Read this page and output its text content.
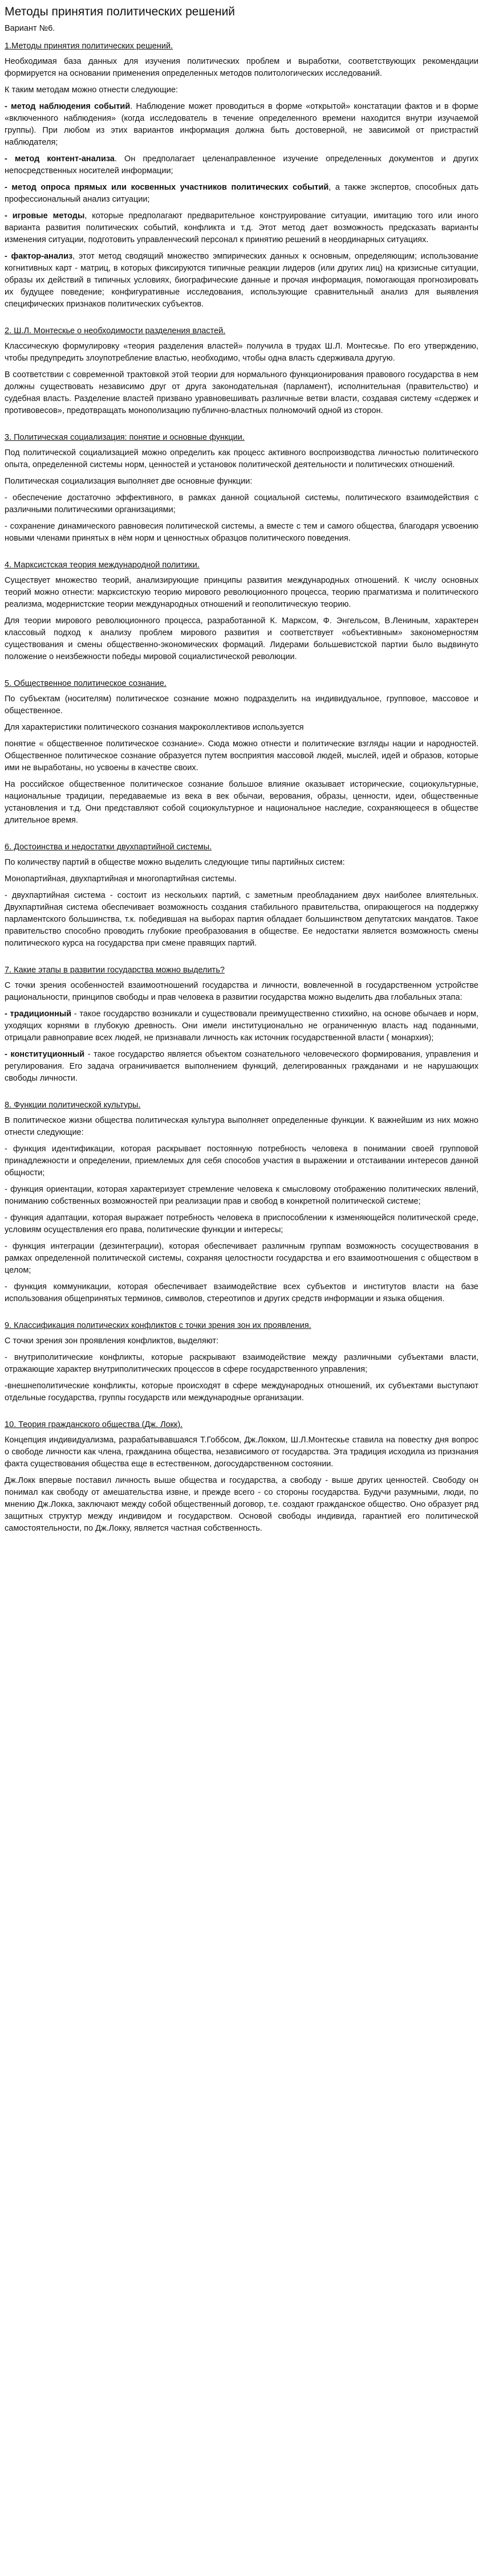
Методы принятия политических решений
Вариант №6.
1.Методы принятия политических решений.

Необходимая база данных для изучения политических проблем и выработки, соответствующих рекомендации формируется на основании применения определенных методов политологических исследований.

К таким методам можно отнести следующие:

- метод наблюдения событий. Наблюдение может проводиться в форме «открытой» констатации фактов и в форме «включенного наблюдения» (когда исследователь в течение определенного времени находится внутри изучаемой группы). При любом из этих вариантов информация должна быть достоверной, не зависимой от пристрастий наблюдателя;

- метод контент-анализа. Он предполагает целенаправленное изучение определенных документов и других непосредственных носителей информации;

- метод опроса прямых или косвенных участников политических событий, а также экспертов, способных дать профессиональный анализ ситуации;

- игровые методы, которые предполагают предварительное конструирование ситуации, имитацию того или иного варианта развития политических событий, конфликта и т.д. Этот метод дает возможность предсказать варианты изменения ситуации, подготовить управленческий персонал к принятию решений в неординарных ситуациях.

- фактор-анализ, этот метод сводящий множество эмпирических данных к основным, определяющим; использование когнитивных карт - матриц, в которых фиксируются типичные реакции лидеров (или других лиц) на кризисные ситуации, образы их действий в типичных условиях, биографические данные и прочая информация, помогающая прогнозировать их будущее поведение; конфигуративные исследования, использующие сравнительный анализ для выявления специфических признаков политических субъектов.

2. Ш.Л. Монтескье о необходимости разделения властей.

Классическую формулировку «теория разделения властей» получила в трудах Ш.Л. Монтескье. По его утверждению, чтобы предупредить злоупотребление властью, необходимо, чтобы одна власть сдерживала другую.

В соответствии с современной трактовкой этой теории для нормального функционирования правового государства в нем должны существовать независимо друг от друга законодательная (парламент), исполнительная (правительство) и судебная власть. Разделение властей призвано уравновешивать различные ветви власти, создавая систему «сдержек и противовесов», предотвращать монополизацию публично-властных полномочий одной из сторон.

3. Политическая социализация: понятие и основные функции.

Под политической социализацией можно определить как процесс активного воспроизводства личностью политического опыта, определенной системы норм, ценностей и установок политической деятельности и политических отношений.

Политическая социализация выполняет две основные функции:

- обеспечение достаточно эффективного, в рамках данной социальной системы, политического взаимодействия с различными политическими организациями;

- сохранение динамического равновесия политической системы, а вместе с тем и самого общества, благодаря усвоению новыми членами принятых в нём норм и ценностных образцов политического поведения.

4. Марксистская теория международной политики.

Существует множество теорий, анализирующие принципы развития международных отношений. К числу основных теорий можно отнести: марксистскую теорию мирового революционного процесса, теорию прагматизма и политического реализма, модернистские теории международных отношений и геополитическую теорию.

Для теории мирового революционного процесса, разработанной К. Марксом, Ф. Энгельсом, В.Лениным, характерен классовый подход к анализу проблем мирового развития и соответствует «объективным» закономерностям существования и смены общественно-экономических формаций. Лидерами большевистской партии было выдвинуто положение о неизбежности победы мировой социалистической революции.

5. Общественное политическое сознание.

По субъектам (носителям) политическое сознание можно подразделить на индивидуальное, групповое, массовое и общественное.

Для характеристики политического сознания макроколлективов используется

понятие « общественное политическое сознание». Сюда можно отнести и политические взгляды нации и народностей. Общественное политическое сознание образуется путем восприятия массовой людей, мыслей, идей и образов, которые ими не выработаны, но усвоены в качестве своих.

На российское общественное политическое сознание большое влияние оказывает исторические, социокультурные, национальные традиции, передаваемые из века в век обычаи, верования, образы, ценности, идеи, общественные установления и т.д. Они представляют собой социокультурное и национальное наследие, сохраняющееся в обществе длительное время.

6. Достоинства и недостатки двухпартийной системы.

По количеству партий в обществе можно выделить следующие типы партийных систем:

Монопартийная, двухпартийная и многопартийная системы.

- двухпартийная система - состоит из нескольких партий, с заметным преобладанием двух наиболее влиятельных. Двухпартийная система обеспечивает возможность создания стабильного правительства, опирающегося на поддержку парламентского большинства, т.к. победившая на выборах партия обладает большинством депутатских мандатов. Такое правительство способно проводить глубокие преобразования в обществе. Ее недостатки является возможность смены политического курса на государства при смене правящих партий.

7. Какие этапы в развитии государства можно выделить?

С точки зрения особенностей взаимоотношений государства и личности, вовлеченной в государственном устройстве рациональности, принципов свободы и прав человека в развитии государства можно выделить два глобальных этапа:

- традиционный - такое государство возникали и существовали преимущественно стихийно, на основе обычаев и норм, уходящих корнями в глубокую древность. Они имели институционально не ограниченную власть над поданными, отрицали равноправие всех людей, не признавали личность как источник государственной власти ( монархия);

- конституционный - такое государство является объектом сознательного человеческого формирования, управления и регулирования. Его задача ограничивается выполнением функций, делегированных гражданами и не нарушающих свободы личности.

8. Функции политической культуры.

В политическое жизни общества политическая культура выполняет определенные функции. К важнейшим из них можно отнести следующие:

- функция идентификации, которая раскрывает постоянную потребность человека в понимании своей групповой принадлежности и определении, приемлемых для себя способов участия в выражении и отстаивании интересов данной общности;

- функция ориентации, которая характеризует стремление человека к смысловому отображению политических явлений, пониманию собственных возможностей при реализации прав и свобод в конкретной политической системе;

- функция адаптации, которая выражает потребность человека в приспособлении к изменяющейся политической среде, условиям осуществления его права, политические функции и интересы;

- функция интеграции (дезинтеграции), которая обеспечивает различным группам возможность сосуществования в рамках определенной политической системы, сохраняя целостности государства и его взаимоотношения с обществом в целом;

- функция коммуникации, которая обеспечивает взаимодействие всех субъектов и институтов власти на базе использования общепринятых терминов, символов, стереотипов и других средств информации и языка общения.

9. Классификация политических конфликтов с точки зрения зон их проявления.

С точки зрения зон проявления конфликтов, выделяют:

- внутриполитические конфликты, которые раскрывают взаимодействие между различными субъектами власти, отражающие характер внутриполитических процессов в сфере государственного управления;

-внешнеполитические конфликты, которые происходят в сфере международных отношений, их субъектами выступают отдельные государства, группы государств или международные организации.

10. Теория гражданского общества (Дж. Локк).

Концепция индивидуализма, разрабатывавшаяся Т.Гоббсом, Дж.Локком, Ш.Л.Монтескье ставила на повестку дня вопрос о свободе личности как члена, гражданина общества, независимого от государства. Эта традиция исходила из признания факта существования общества еще в естественном, догосударственном состоянии.

Дж.Локк впервые поставил личность выше общества и государства, а свободу - выше других ценностей. Свободу он понимал как свободу от амешательства извне, и прежде всего - со стороны государства. Будучи разумными, люди, по мнению Дж.Локка, заключают между собой общественный договор, т.е. создают гражданское общество. Оно образует ряд защитных структур между индивидом и государством. Основой свободы индивида, гарантией его политической самостоятельности, по Дж.Локку, является частная собственность.
